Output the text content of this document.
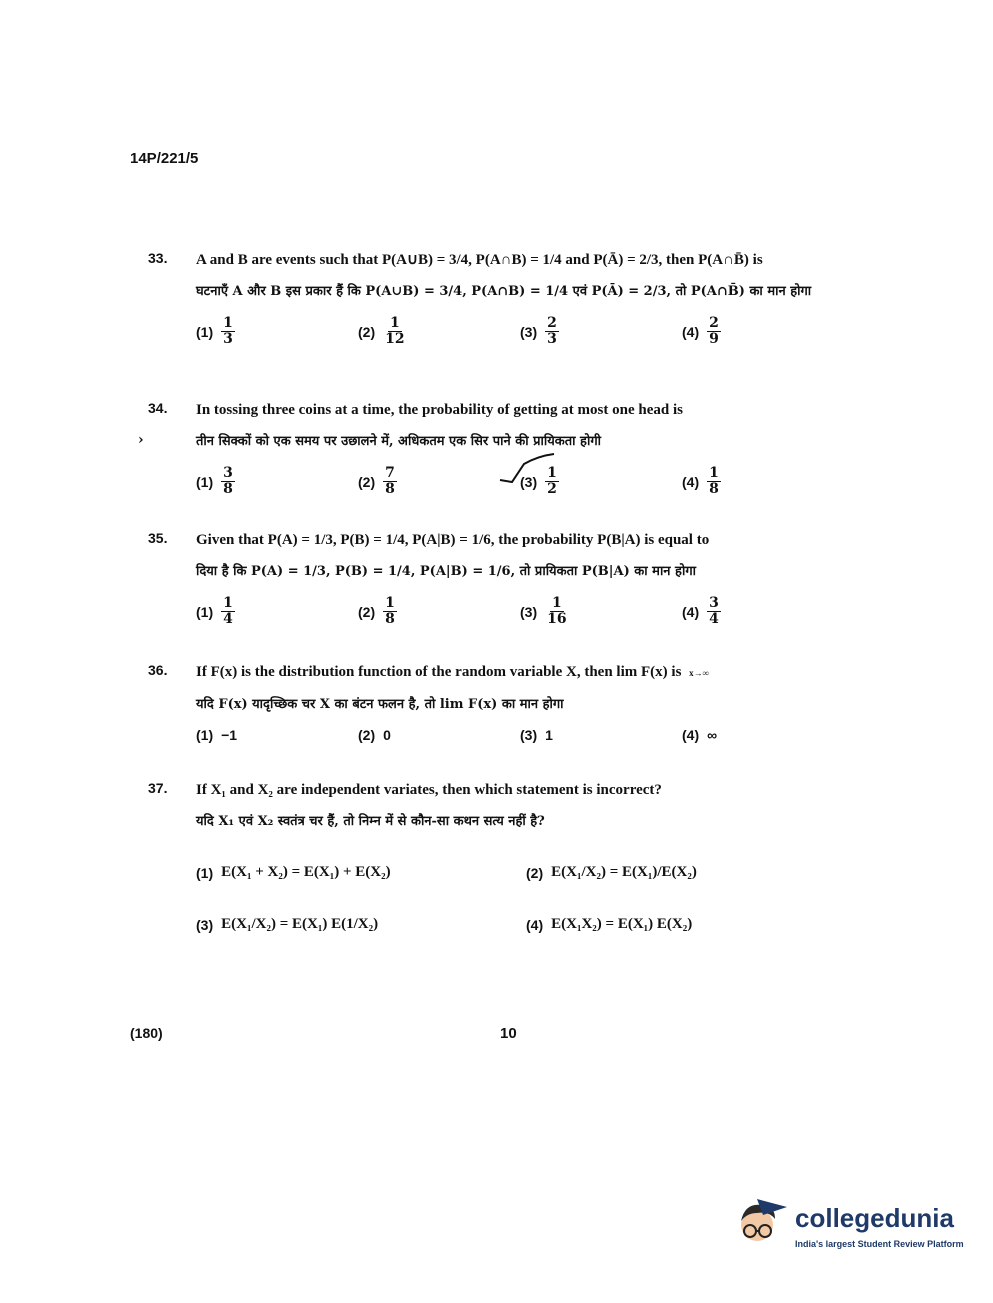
14P/221/5
33. A and B are events such that P(A∪B) = 3/4, P(A∩B) = 1/4 and P(Ā) = 2/3, then P(A∩B̄) is
घटनाएँ A और B इस प्रकार हैं कि P(A∪B) = 3/4, P(A∩B) = 1/4 एवं P(Ā) = 2/3, तो P(A∩B̄) का मान होगा
$(1) \frac{1}{3}$	$(2) \frac{1}{12}$	$(3) \frac{2}{3}$	$(4) \frac{2}{9}$
›
34. In tossing three coins at a time, the probability of getting at most one head is
तीन सिक्कों को एक समय पर उछालने में, अधिकतम एक सिर पाने की प्रायिकता होगी
$(1) \frac{3}{8}$	$(2) \frac{7}{8}$	$(3) \frac{1}{2}$	$(4) \frac{1}{8}$
35. Given that P(A) = 1/3, P(B) = 1/4, P(A|B) = 1/6, the probability P(B|A) is equal to
दिया है कि P(A) = 1/3, P(B) = 1/4, P(A|B) = 1/6, तो प्रायिकता P(B|A) का मान होगा
$(1) \frac{1}{4}$	$(2) \frac{1}{8}$	$(3) \frac{1}{16}$	$(4) \frac{3}{4}$
36. If F(x) is the distribution function of the random variable X, then lim F(x) is x→∞
यदि F(x) यादृच्छिक चर X का बंटन फलन है, तो lim F(x) का मान होगा
(1) −1	(2) 0	(3) 1	(4) ∞
37. If X₁ and X₂ are independent variates, then which statement is incorrect?
यदि X₁ एवं X₂ स्वतंत्र चर हैं, तो निम्न में से कौन-सा कथन सत्य नहीं है?
(1) E(X₁ + X₂) = E(X₁) + E(X₂)	(2) E(X₁/X₂) = E(X₁)/E(X₂)
(3) E(X₁/X₂) = E(X₁) E(1/X₂)	(4) E(X₁X₂) = E(X₁) E(X₂)
(180)	10
collegedunia
India's largest Student Review Platform
